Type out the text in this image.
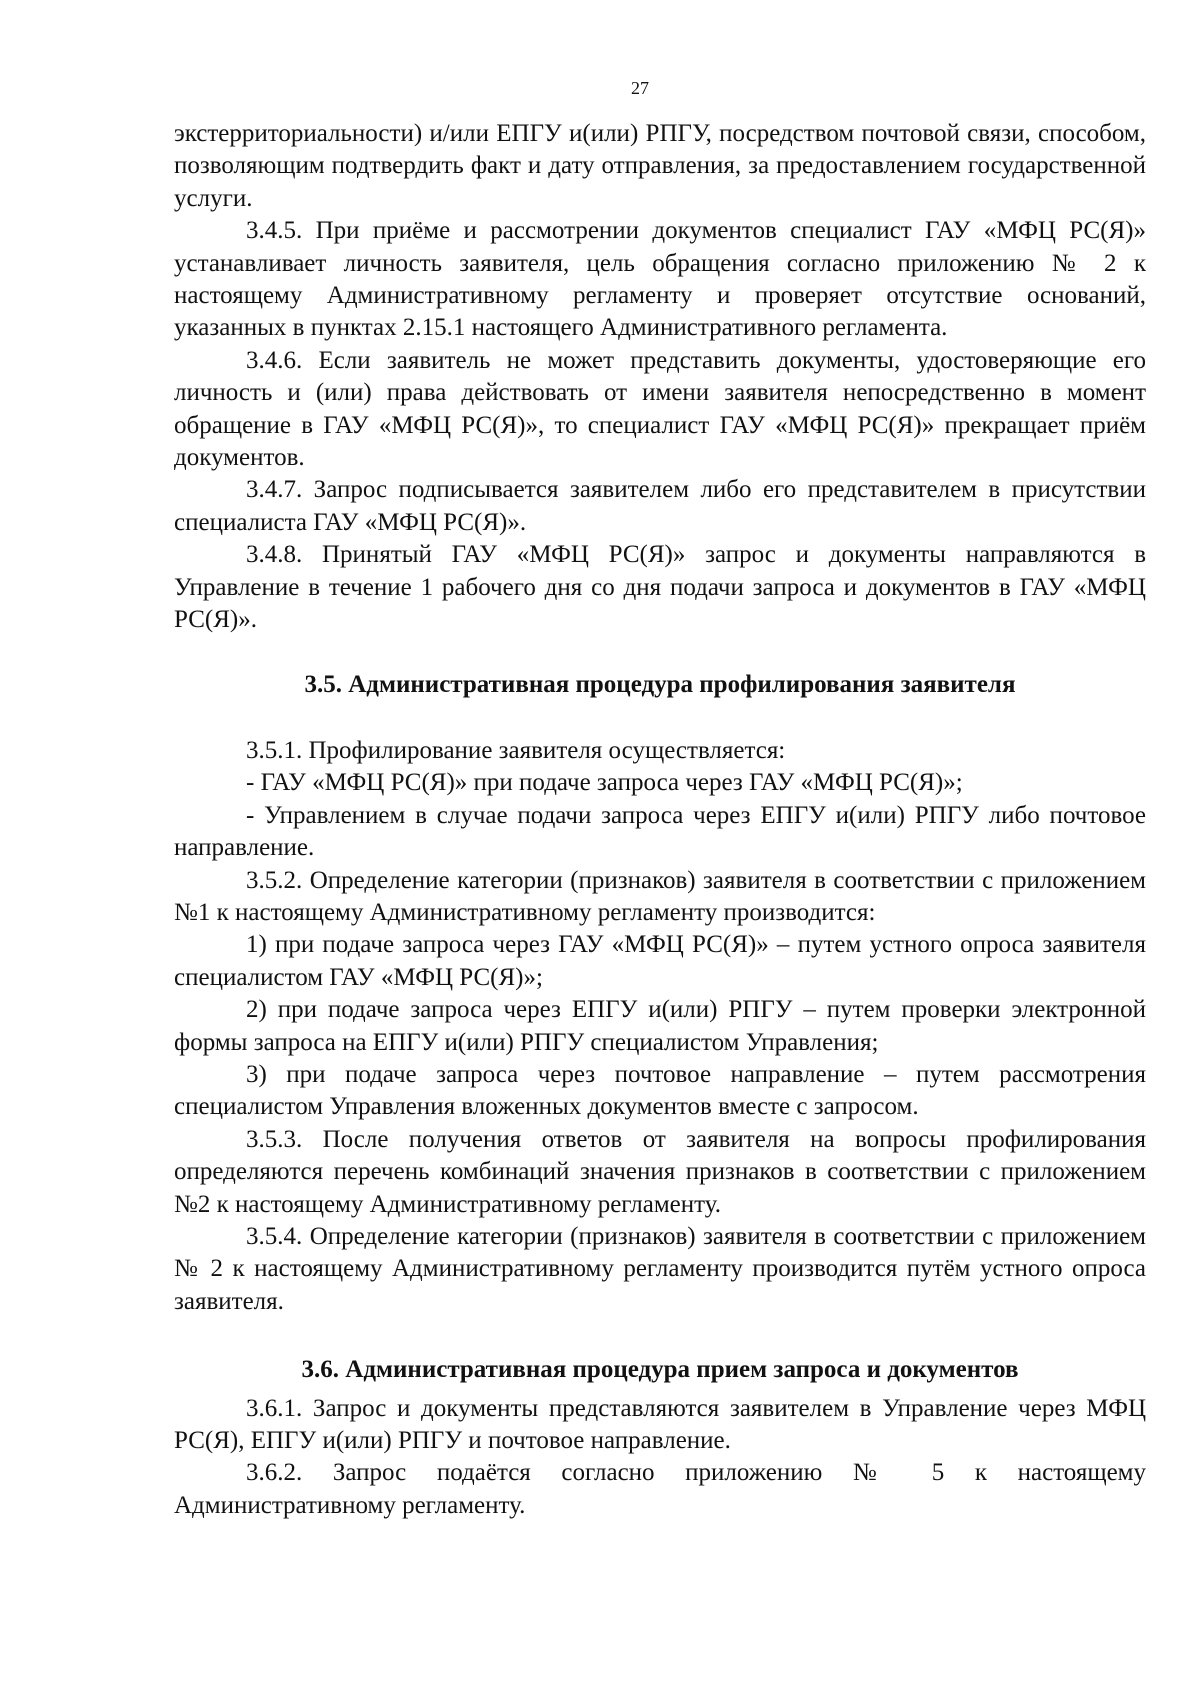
27

экстерриториальности) и/или ЕПГУ и(или) РПГУ, посредством почтовой связи, способом, позволяющим подтвердить факт и дату отправления, за предоставлением государственной услуги.

3.4.5. При приёме и рассмотрении документов специалист ГАУ «МФЦ РС(Я)» устанавливает личность заявителя, цель обращения согласно приложению № 2 к настоящему Административному регламенту и проверяет отсутствие оснований, указанных в пунктах 2.15.1 настоящего Административного регламента.

3.4.6. Если заявитель не может представить документы, удостоверяющие его личность и (или) права действовать от имени заявителя непосредственно в момент обращение в ГАУ «МФЦ РС(Я)», то специалист ГАУ «МФЦ РС(Я)» прекращает приём документов.

3.4.7. Запрос подписывается заявителем либо его представителем в присутствии специалиста ГАУ «МФЦ РС(Я)».

3.4.8. Принятый ГАУ «МФЦ РС(Я)» запрос и документы направляются в Управление в течение 1 рабочего дня со дня подачи запроса и документов в ГАУ «МФЦ РС(Я)».

3.5. Административная процедура профилирования заявителя

3.5.1. Профилирование заявителя осуществляется:

- ГАУ «МФЦ РС(Я)» при подаче запроса через ГАУ «МФЦ РС(Я)»;

- Управлением в случае подачи запроса через ЕПГУ и(или) РПГУ либо почтовое направление.

3.5.2. Определение категории (признаков) заявителя в соответствии с приложением №1 к настоящему Административному регламенту производится:

1) при подаче запроса через ГАУ «МФЦ РС(Я)» – путем устного опроса заявителя специалистом ГАУ «МФЦ РС(Я)»;

2) при подаче запроса через ЕПГУ и(или) РПГУ – путем проверки электронной формы запроса на ЕПГУ и(или) РПГУ специалистом Управления;

3) при подаче запроса через почтовое направление – путем рассмотрения специалистом Управления вложенных документов вместе с запросом.

3.5.3. После получения ответов от заявителя на вопросы профилирования определяются перечень комбинаций значения признаков в соответствии с приложением №2 к настоящему Административному регламенту.

3.5.4. Определение категории (признаков) заявителя в соответствии с приложением № 2 к настоящему Административному регламенту производится путём устного опроса заявителя.

3.6. Административная процедура прием запроса и документов

3.6.1. Запрос и документы представляются заявителем в Управление через МФЦ РС(Я), ЕПГУ и(или) РПГУ и почтовое направление.

3.6.2. Запрос подаётся согласно приложению № 5 к настоящему Административному регламенту.
